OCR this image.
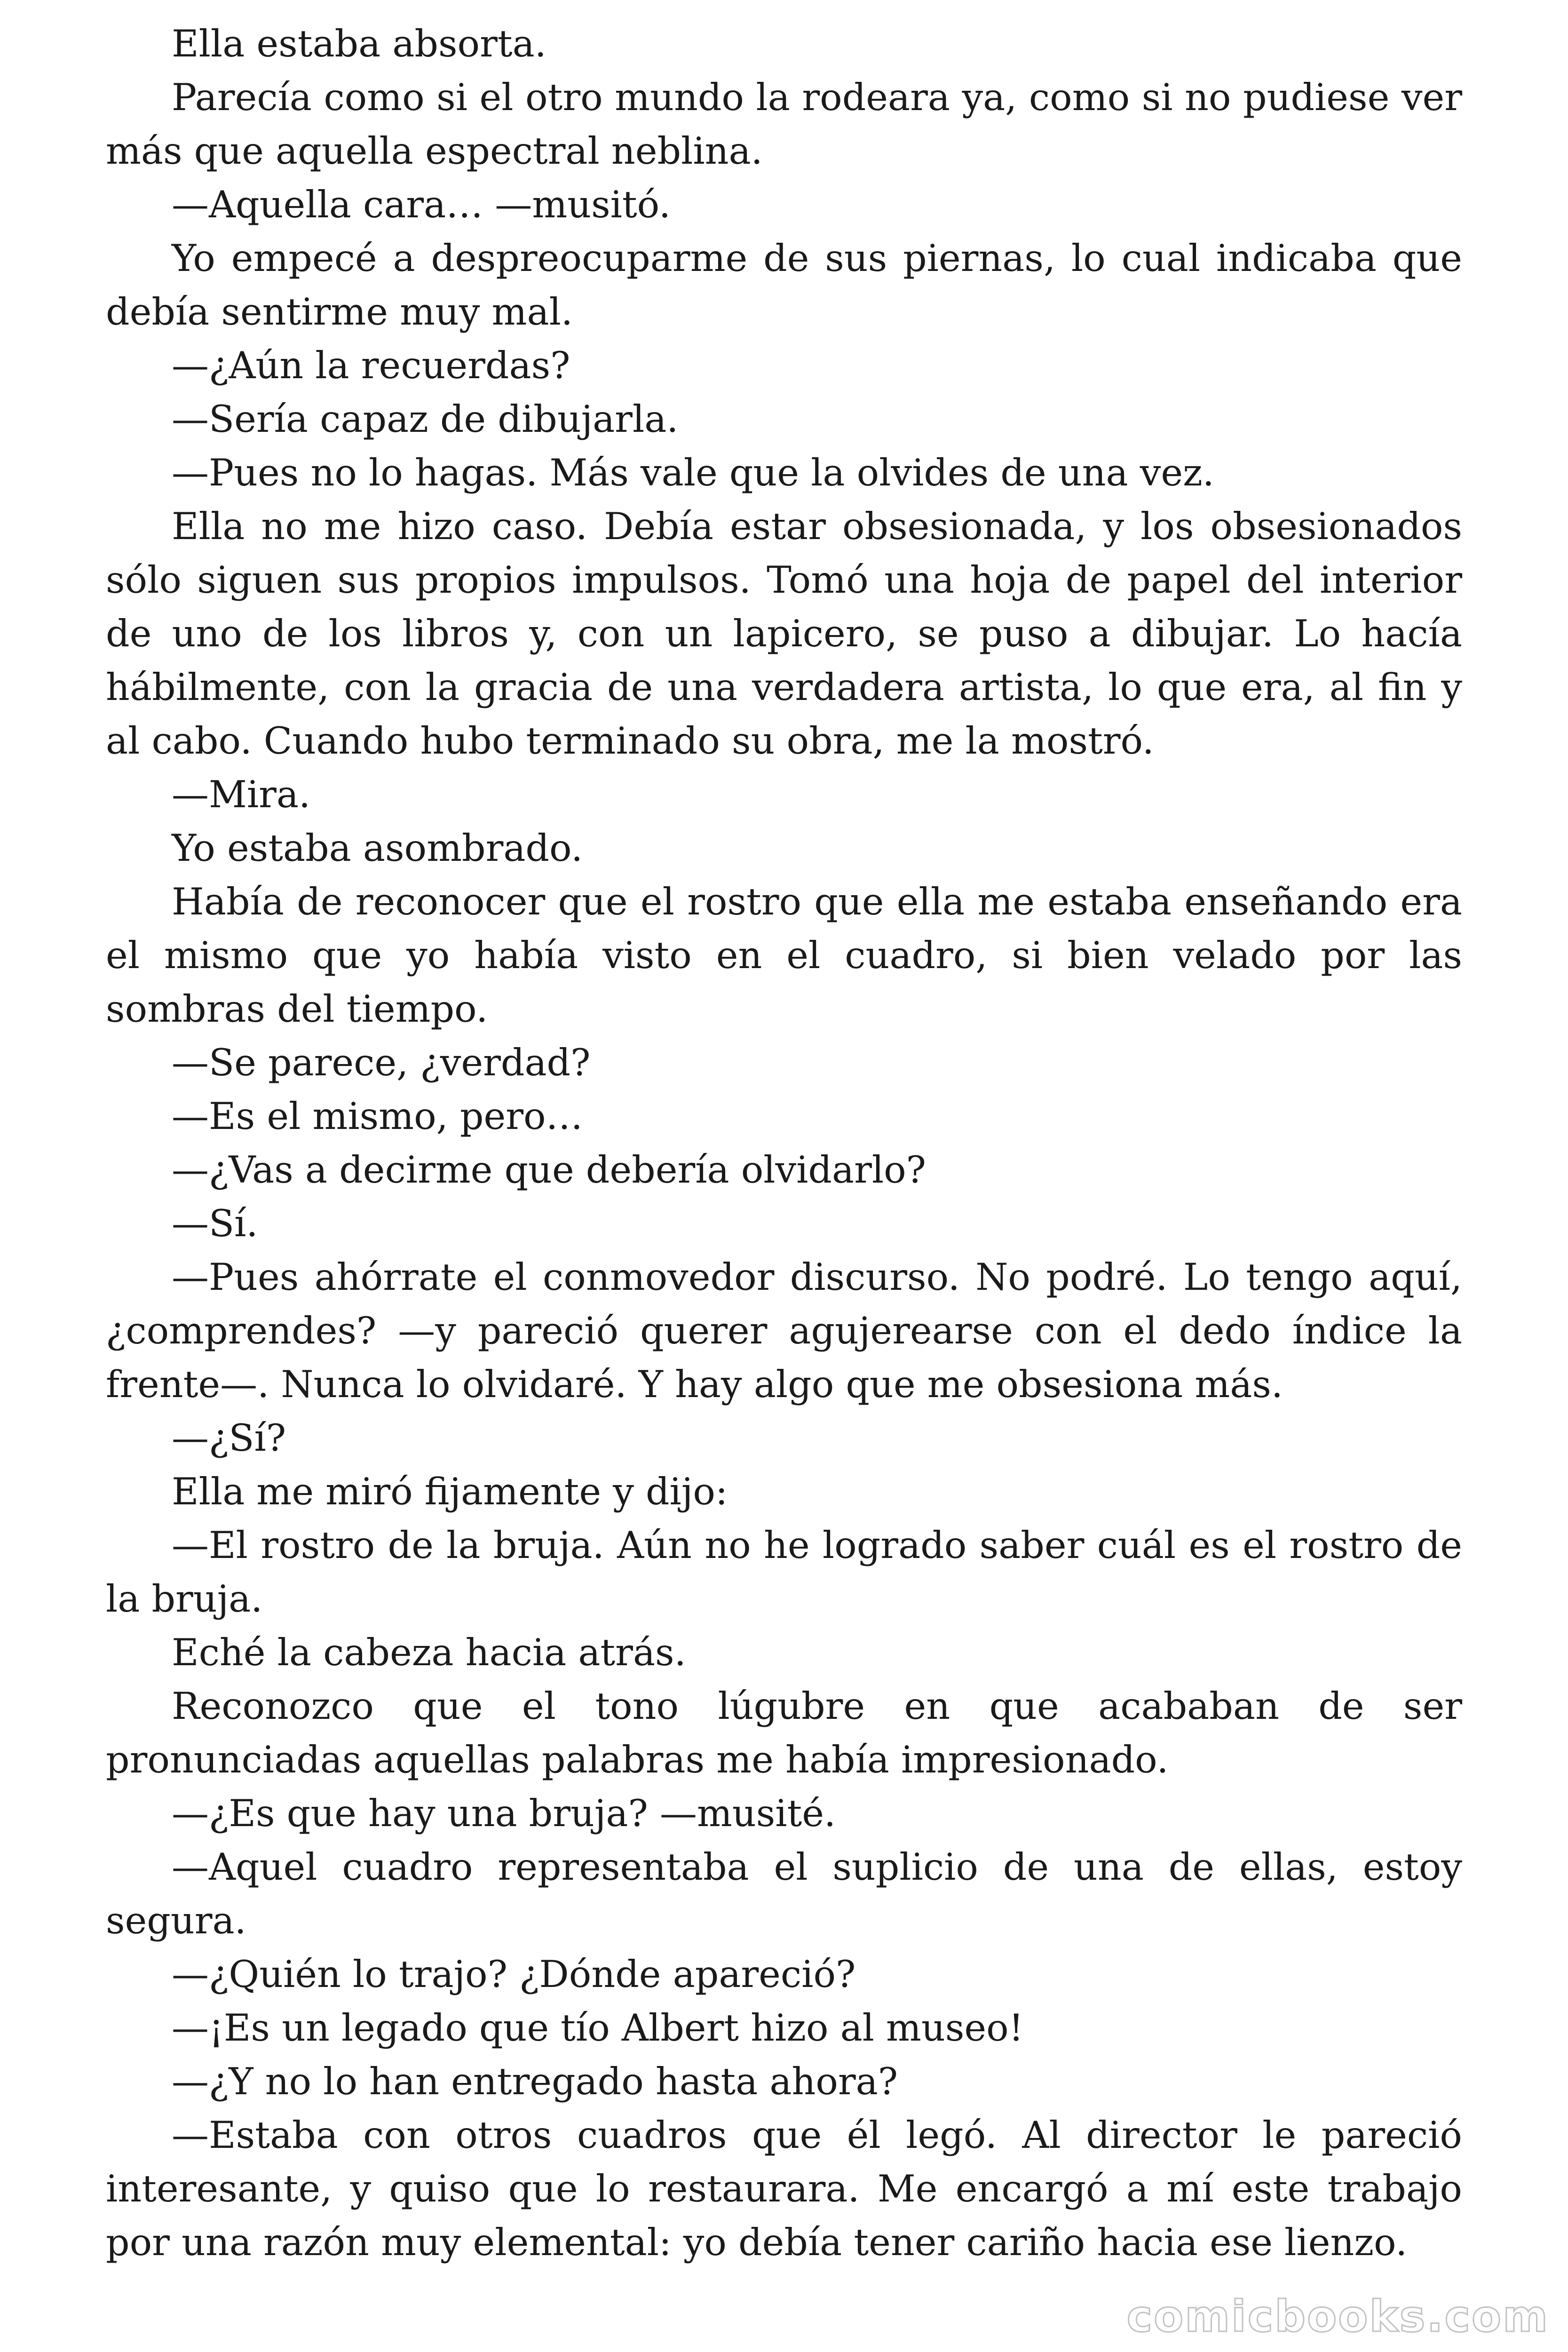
Ella estaba absorta.

Parecía como si el otro mundo la rodeara ya, como si no pudiese ver más que aquella espectral neblina.

—Aquella cara… —musitó.

Yo empecé a despreocuparme de sus piernas, lo cual indicaba que debía sentirme muy mal.

—¿Aún la recuerdas?

—Sería capaz de dibujarla.

—Pues no lo hagas. Más vale que la olvides de una vez.

Ella no me hizo caso. Debía estar obsesionada, y los obsesionados sólo siguen sus propios impulsos. Tomó una hoja de papel del interior de uno de los libros y, con un lapicero, se puso a dibujar. Lo hacía hábilmente, con la gracia de una verdadera artista, lo que era, al fin y al cabo. Cuando hubo terminado su obra, me la mostró.

—Mira.

Yo estaba asombrado.

Había de reconocer que el rostro que ella me estaba enseñando era el mismo que yo había visto en el cuadro, si bien velado por las sombras del tiempo.

—Se parece, ¿verdad?

—Es el mismo, pero…

—¿Vas a decirme que debería olvidarlo?

—Sí.

—Pues ahórrate el conmovedor discurso. No podré. Lo tengo aquí, ¿comprendes? —y pareció querer agujerearse con el dedo índice la frente—. Nunca lo olvidaré. Y hay algo que me obsesiona más.

—¿Sí?

Ella me miró fijamente y dijo:

—El rostro de la bruja. Aún no he logrado saber cuál es el rostro de la bruja.

Eché la cabeza hacia atrás.

Reconozco que el tono lúgubre en que acababan de ser pronunciadas aquellas palabras me había impresionado.

—¿Es que hay una bruja? —musité.

—Aquel cuadro representaba el suplicio de una de ellas, estoy segura.

—¿Quién lo trajo? ¿Dónde apareció?

—¡Es un legado que tío Albert hizo al museo!

—¿Y no lo han entregado hasta ahora?

—Estaba con otros cuadros que él legó. Al director le pareció interesante, y quiso que lo restaurara. Me encargó a mí este trabajo por una razón muy elemental: yo debía tener cariño hacia ese lienzo.

comicbooks.com
